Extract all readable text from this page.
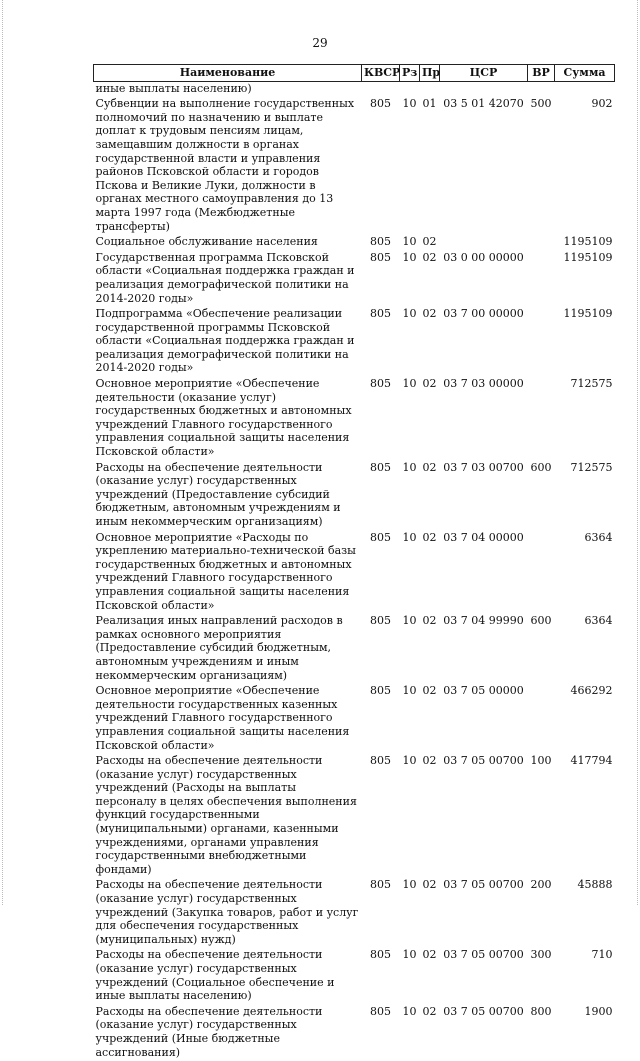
29
Наименование	КВСР	Рз	Пр	ЦСР	ВР	Сумма
иные выплаты населению)						
Субвенции на выполнение государственных полномочий по назначению и выплате доплат к трудовым пенсиям лицам, замещавшим должности в органах государственной власти и управления районов Псковской области и городов Пскова и Великие Луки, должности в органах местного самоуправления до 13 марта 1997 года (Межбюджетные трансферты)	805	10	01	03 5 01 42070	500	902
Социальное обслуживание населения	805	10	02			1195109
Государственная программа Псковской области «Социальная поддержка граждан и реализация демографической политики на 2014-2020 годы»	805	10	02	03 0 00 00000		1195109
Подпрограмма «Обеспечение реализации государственной программы Псковской области «Социальная поддержка граждан и реализация демографической политики на 2014-2020 годы»	805	10	02	03 7 00 00000		1195109
Основное мероприятие «Обеспечение деятельности (оказание услуг) государственных бюджетных и автономных учреждений Главного государственного управления социальной защиты населения Псковской области»	805	10	02	03 7 03 00000		712575
Расходы на обеспечение деятельности (оказание услуг) государственных учреждений (Предоставление субсидий бюджетным, автономным учреждениям и иным некоммерческим организациям)	805	10	02	03 7 03 00700	600	712575
Основное мероприятие «Расходы по укреплению материально-технической базы государственных бюджетных и автономных учреждений Главного государственного управления социальной защиты населения Псковской области»	805	10	02	03 7 04 00000		6364
Реализация иных направлений расходов в рамках основного мероприятия (Предоставление субсидий бюджетным, автономным учреждениям и иным некоммерческим организациям)	805	10	02	03 7 04 99990	600	6364
Основное мероприятие «Обеспечение деятельности государственных казенных учреждений Главного государственного управления социальной защиты населения Псковской области»	805	10	02	03 7 05 00000		466292
Расходы на обеспечение деятельности (оказание услуг) государственных учреждений (Расходы на выплаты персоналу в целях обеспечения выполнения функций государственными (муниципальными) органами, казенными учреждениями, органами управления государственными внебюджетными фондами)	805	10	02	03 7 05 00700	100	417794
Расходы на обеспечение деятельности (оказание услуг) государственных учреждений (Закупка товаров, работ и услуг для обеспечения государственных (муниципальных) нужд)	805	10	02	03 7 05 00700	200	45888
Расходы на обеспечение деятельности (оказание услуг) государственных учреждений (Социальное обеспечение и иные выплаты населению)	805	10	02	03 7 05 00700	300	710
Расходы на обеспечение деятельности (оказание услуг) государственных учреждений (Иные бюджетные ассигнования)	805	10	02	03 7 05 00700	800	1900
